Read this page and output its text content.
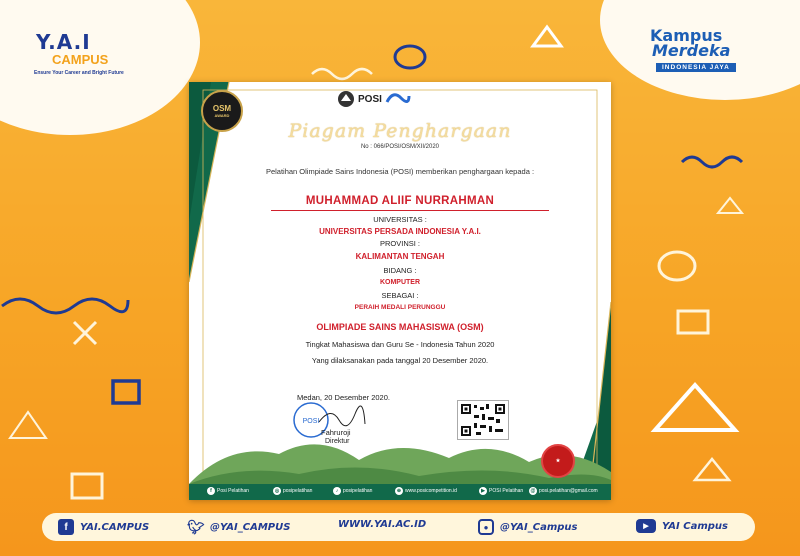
Y.A.I
CAMPUS
Ensure Your Career and Bright Future
Kampus
Merdeka
INDONESIA JAYA
OSM
AWARD
POSI
Piagam Penghargaan
No : 066/POSI/OSM/XII/2020
Pelatihan Olimpiade Sains Indonesia (POSI) memberikan penghargaan kepada :
MUHAMMAD ALIIF NURRAHMAN
UNIVERSITAS :
UNIVERSITAS PERSADA INDONESIA Y.A.I.
PROVINSI :
KALIMANTAN TENGAH
BIDANG :
KOMPUTER
SEBAGAI :
PERAIH MEDALI PERUNGGU
OLIMPIADE SAINS MAHASISWA (OSM)
Tingkat Mahasiswa dan Guru Se - Indonesia Tahun 2020
Yang dilaksanakan pada tanggal 20 Desember 2020.
Medan, 20 Desember 2020.
POSI
Fahruroji
Direktur
★
f	Posi Pelatihan	◎ posipelatihan	♪ posipelatihan	⊕ www.posicompetition.id	▶ POSI Pelatihan	@ posi.pelatihan@gmail.com
f	YAI.CAMPUS	🐦︎ @YAI_CAMPUS	WWW.YAI.AC.ID	●	@YAI_Campus	▶	YAI Campus
